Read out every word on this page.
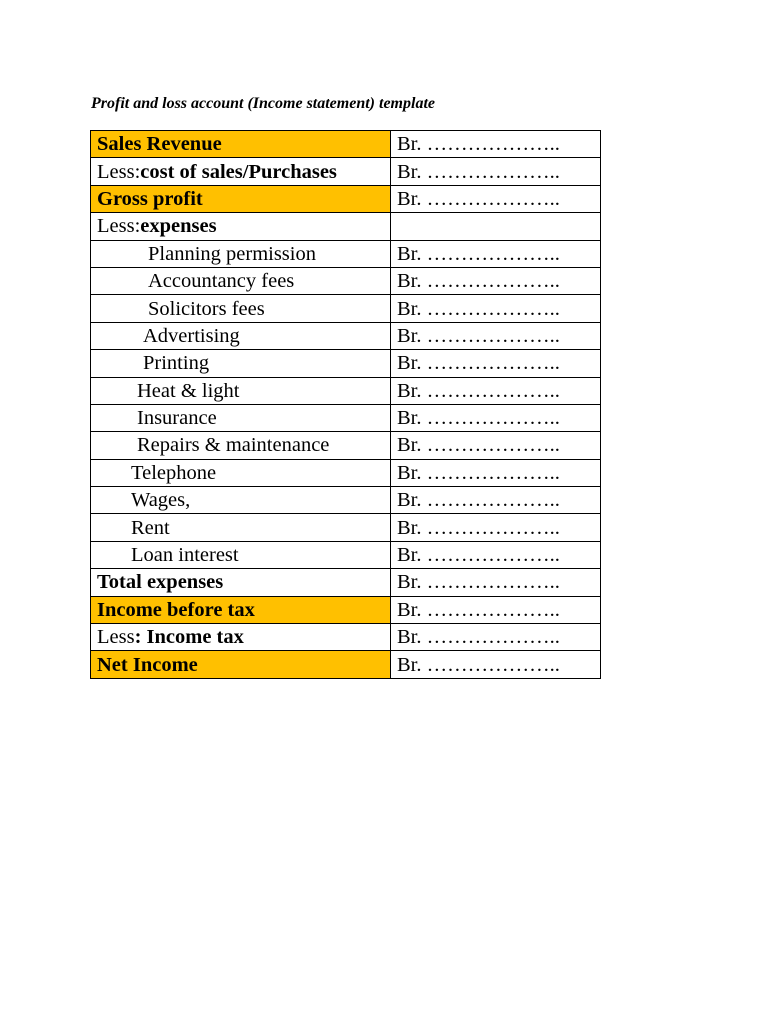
Profit and loss account (Income statement) template
Sales Revenue	Br. ………………..
Less:cost of sales/Purchases	Br. ………………..
Gross profit	Br. ………………..
Less:expenses	
Planning permission	Br. ………………..
Accountancy fees	Br. ………………..
Solicitors fees	Br. ………………..
Advertising	Br. ………………..
Printing	Br. ………………..
Heat & light	Br. ………………..
Insurance	Br. ………………..
Repairs & maintenance	Br. ………………..
Telephone	Br. ………………..
Wages,	Br. ………………..
Rent	Br. ………………..
Loan interest	Br. ………………..
Total expenses	Br. ………………..
Income before tax	Br. ………………..
Less: Income tax	Br. ………………..
Net Income	Br. ………………..
